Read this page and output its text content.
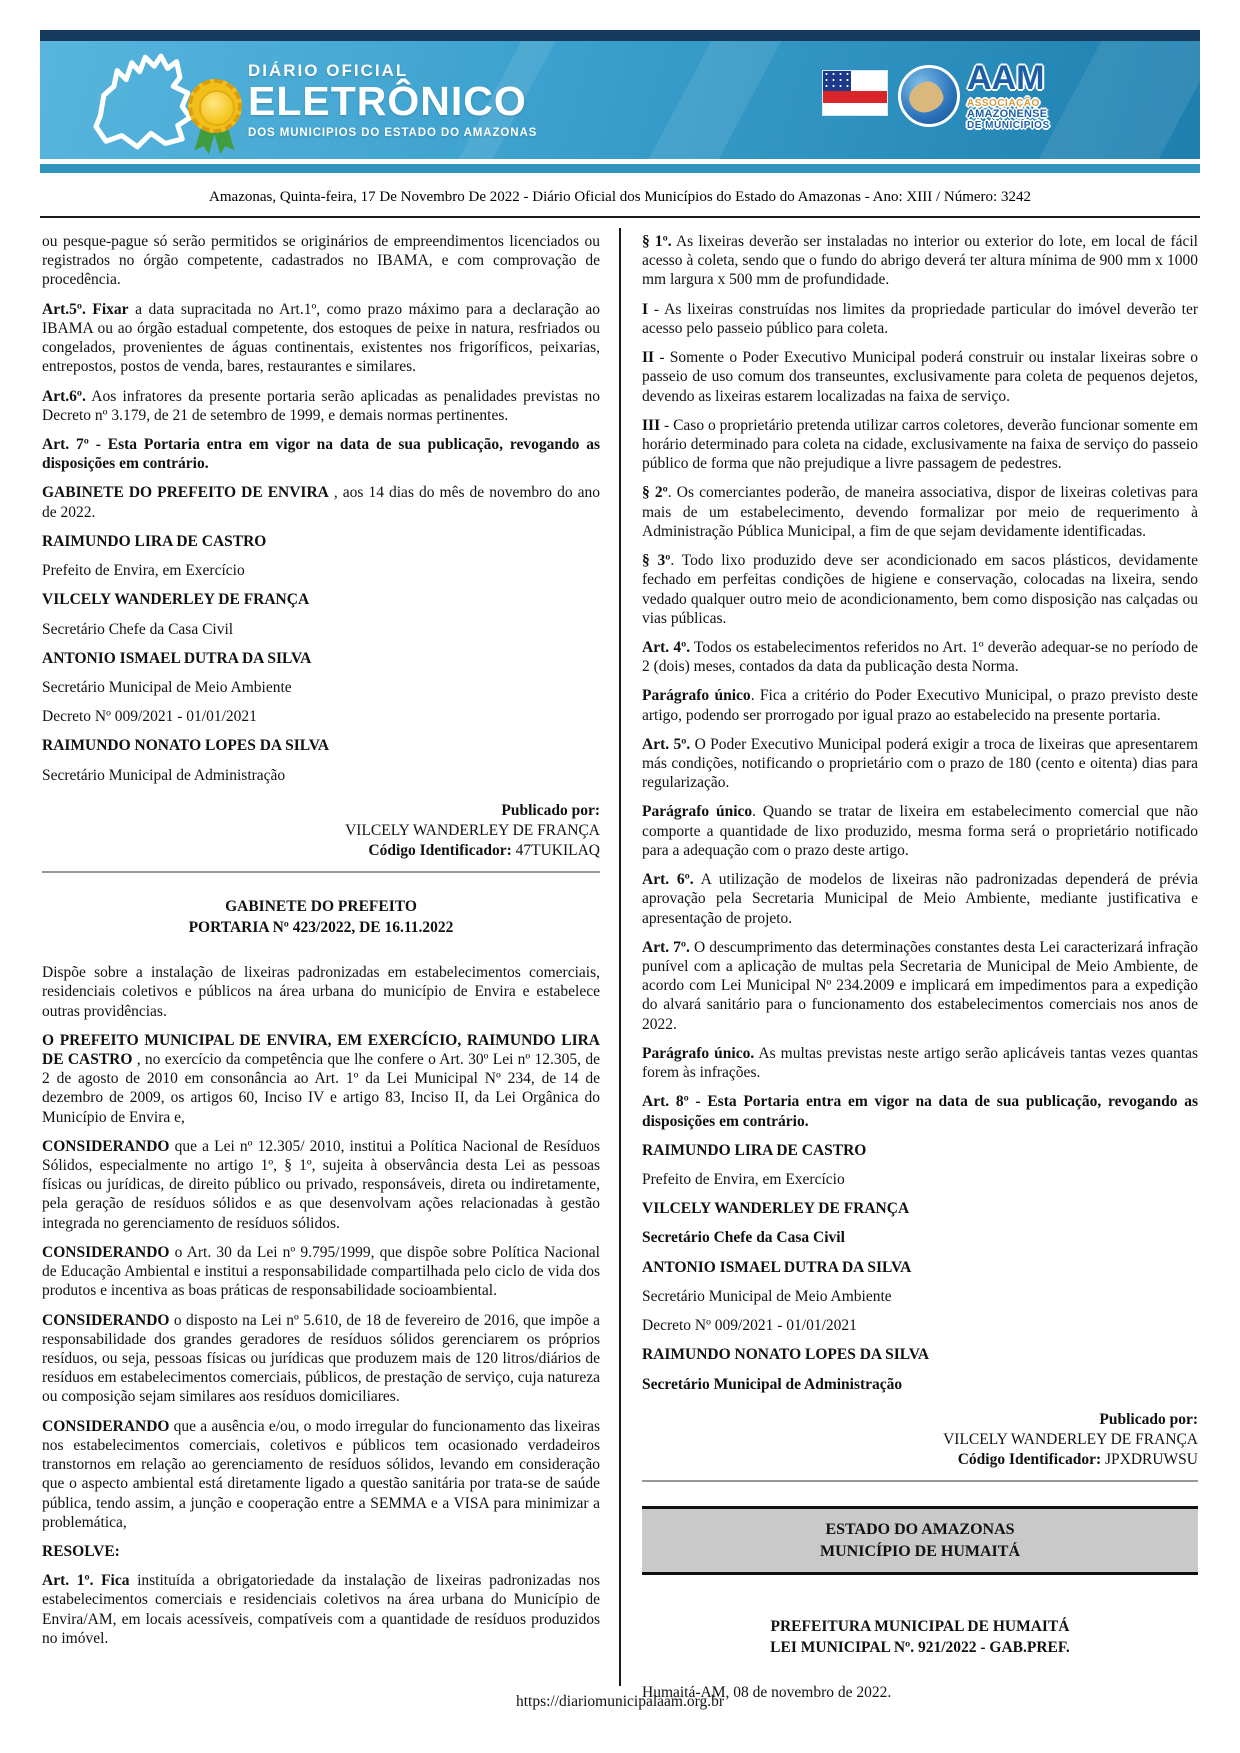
DIÁRIO OFICIAL
ELETRÔNICO
DOS MUNICIPIOS DO ESTADO DO AMAZONAS
AAM
ASSOCIAÇÃO
AMAZONENSE
DE MUNICÍPIOS
Amazonas, Quinta-feira, 17 De Novembro De 2022 - Diário Oficial dos Municípios do Estado do Amazonas - Ano: XIII / Número: 3242

ou pesque-pague só serão permitidos se originários de empreendimentos licenciados ou registrados no órgão competente, cadastrados no IBAMA, e com comprovação de procedência.

Art.5º. Fixar a data supracitada no Art.1º, como prazo máximo para a declaração ao IBAMA ou ao órgão estadual competente, dos estoques de peixe in natura, resfriados ou congelados, provenientes de águas continentais, existentes nos frigoríficos, peixarias, entrepostos, postos de venda, bares, restaurantes e similares.

Art.6º. Aos infratores da presente portaria serão aplicadas as penalidades previstas no Decreto nº 3.179, de 21 de setembro de 1999, e demais normas pertinentes.

Art. 7º - Esta Portaria entra em vigor na data de sua publicação, revogando as disposições em contrário.

GABINETE DO PREFEITO DE ENVIRA , aos 14 dias do mês de novembro do ano de 2022.

RAIMUNDO LIRA DE CASTRO

Prefeito de Envira, em Exercício

VILCELY WANDERLEY DE FRANÇA

Secretário Chefe da Casa Civil

ANTONIO ISMAEL DUTRA DA SILVA

Secretário Municipal de Meio Ambiente

Decreto Nº 009/2021 - 01/01/2021

RAIMUNDO NONATO LOPES DA SILVA

Secretário Municipal de Administração

Publicado por:
VILCELY WANDERLEY DE FRANÇA
Código Identificador: 47TUKILAQ
GABINETE DO PREFEITO
PORTARIA Nº 423/2022, DE 16.11.2022

Dispõe sobre a instalação de lixeiras padronizadas em estabelecimentos comerciais, residenciais coletivos e públicos na área urbana do município de Envira e estabelece outras providências.

O PREFEITO MUNICIPAL DE ENVIRA, EM EXERCÍCIO, RAIMUNDO LIRA DE CASTRO , no exercício da competência que lhe confere o Art. 30º Lei nº 12.305, de 2 de agosto de 2010 em consonância ao Art. 1º da Lei Municipal Nº 234, de 14 de dezembro de 2009, os artigos 60, Inciso IV e artigo 83, Inciso II, da Lei Orgânica do Município de Envira e,

CONSIDERANDO que a Lei nº 12.305/ 2010, institui a Política Nacional de Resíduos Sólidos, especialmente no artigo 1º, § 1º, sujeita à observância desta Lei as pessoas físicas ou jurídicas, de direito público ou privado, responsáveis, direta ou indiretamente, pela geração de resíduos sólidos e as que desenvolvam ações relacionadas à gestão integrada no gerenciamento de resíduos sólidos.

CONSIDERANDO o Art. 30 da Lei nº 9.795/1999, que dispõe sobre Política Nacional de Educação Ambiental e institui a responsabilidade compartilhada pelo ciclo de vida dos produtos e incentiva as boas práticas de responsabilidade socioambiental.

CONSIDERANDO o disposto na Lei nº 5.610, de 18 de fevereiro de 2016, que impõe a responsabilidade dos grandes geradores de resíduos sólidos gerenciarem os próprios resíduos, ou seja, pessoas físicas ou jurídicas que produzem mais de 120 litros/diários de resíduos em estabelecimentos comerciais, públicos, de prestação de serviço, cuja natureza ou composição sejam similares aos resíduos domiciliares.

CONSIDERANDO que a ausência e/ou, o modo irregular do funcionamento das lixeiras nos estabelecimentos comerciais, coletivos e públicos tem ocasionado verdadeiros transtornos em relação ao gerenciamento de resíduos sólidos, levando em consideração que o aspecto ambiental está diretamente ligado a questão sanitária por trata-se de saúde pública, tendo assim, a junção e cooperação entre a SEMMA e a VISA para minimizar a problemática,

RESOLVE:

Art. 1º. Fica instituída a obrigatoriedade da instalação de lixeiras padronizadas nos estabelecimentos comerciais e residenciais coletivos na área urbana do Município de Envira/AM, em locais acessíveis, compatíveis com a quantidade de resíduos produzidos no imóvel.

§ 1º. As lixeiras deverão ser instaladas no interior ou exterior do lote, em local de fácil acesso à coleta, sendo que o fundo do abrigo deverá ter altura mínima de 900 mm x 1000 mm largura x 500 mm de profundidade.

I - As lixeiras construídas nos limites da propriedade particular do imóvel deverão ter acesso pelo passeio público para coleta.

II - Somente o Poder Executivo Municipal poderá construir ou instalar lixeiras sobre o passeio de uso comum dos transeuntes, exclusivamente para coleta de pequenos dejetos, devendo as lixeiras estarem localizadas na faixa de serviço.

III - Caso o proprietário pretenda utilizar carros coletores, deverão funcionar somente em horário determinado para coleta na cidade, exclusivamente na faixa de serviço do passeio público de forma que não prejudique a livre passagem de pedestres.

§ 2º. Os comerciantes poderão, de maneira associativa, dispor de lixeiras coletivas para mais de um estabelecimento, devendo formalizar por meio de requerimento à Administração Pública Municipal, a fim de que sejam devidamente identificadas.

§ 3º. Todo lixo produzido deve ser acondicionado em sacos plásticos, devidamente fechado em perfeitas condições de higiene e conservação, colocadas na lixeira, sendo vedado qualquer outro meio de acondicionamento, bem como disposição nas calçadas ou vias públicas.

Art. 4º. Todos os estabelecimentos referidos no Art. 1º deverão adequar-se no período de 2 (dois) meses, contados da data da publicação desta Norma.

Parágrafo único. Fica a critério do Poder Executivo Municipal, o prazo previsto deste artigo, podendo ser prorrogado por igual prazo ao estabelecido na presente portaria.

Art. 5º. O Poder Executivo Municipal poderá exigir a troca de lixeiras que apresentarem más condições, notificando o proprietário com o prazo de 180 (cento e oitenta) dias para regularização.

Parágrafo único. Quando se tratar de lixeira em estabelecimento comercial que não comporte a quantidade de lixo produzido, mesma forma será o proprietário notificado para a adequação com o prazo deste artigo.

Art. 6º. A utilização de modelos de lixeiras não padronizadas dependerá de prévia aprovação pela Secretaria Municipal de Meio Ambiente, mediante justificativa e apresentação de projeto.

Art. 7º. O descumprimento das determinações constantes desta Lei caracterizará infração punível com a aplicação de multas pela Secretaria de Municipal de Meio Ambiente, de acordo com Lei Municipal Nº 234.2009 e implicará em impedimentos para a expedição do alvará sanitário para o funcionamento dos estabelecimentos comerciais nos anos de 2022.

Parágrafo único. As multas previstas neste artigo serão aplicáveis tantas vezes quantas forem às infrações.

Art. 8º - Esta Portaria entra em vigor na data de sua publicação, revogando as disposições em contrário.

RAIMUNDO LIRA DE CASTRO

Prefeito de Envira, em Exercício

VILCELY WANDERLEY DE FRANÇA

Secretário Chefe da Casa Civil

ANTONIO ISMAEL DUTRA DA SILVA

Secretário Municipal de Meio Ambiente

Decreto Nº 009/2021 - 01/01/2021

RAIMUNDO NONATO LOPES DA SILVA

Secretário Municipal de Administração

Publicado por:
VILCELY WANDERLEY DE FRANÇA
Código Identificador: JPXDRUWSU
ESTADO DO AMAZONAS
MUNICÍPIO DE HUMAITÁ
PREFEITURA MUNICIPAL DE HUMAITÁ
LEI MUNICIPAL Nº. 921/2022 - GAB.PREF.

Humaitá-AM, 08 de novembro de 2022.

https://diariomunicipalaam.org.br
